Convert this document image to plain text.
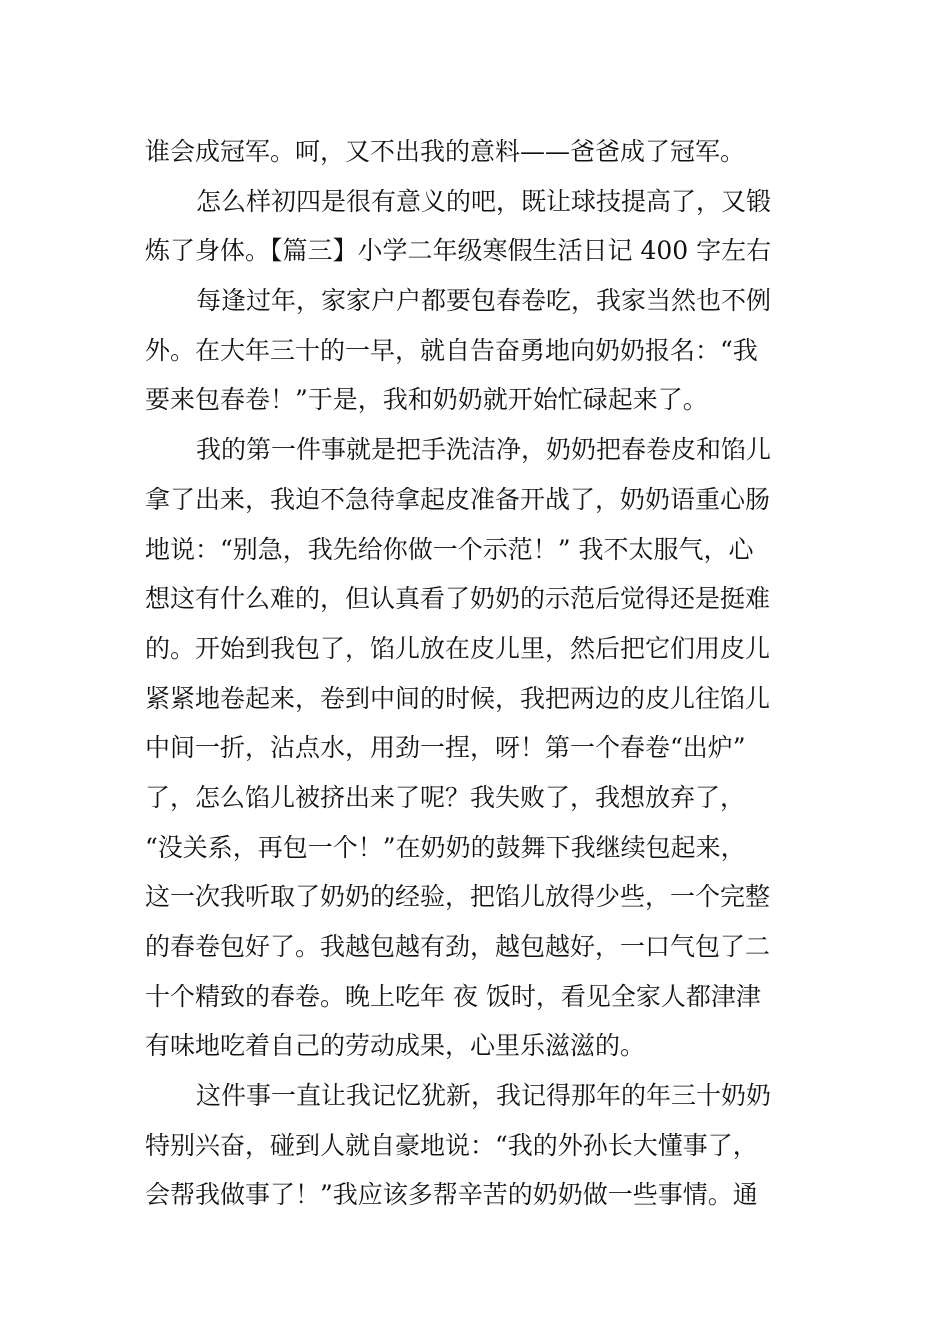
谁会成冠军。呵，又不出我的意料——爸爸成了冠军。
怎么样初四是很有意义的吧，既让球技提高了，又锻
炼了身体。【篇三】小学二年级寒假生活日记 400 字左右
每逢过年，家家户户都要包春卷吃，我家当然也不例
外。在大年三十的一早，就自告奋勇地向奶奶报名：“我
要来包春卷！”于是，我和奶奶就开始忙碌起来了。
我的第一件事就是把手洗洁净，奶奶把春卷皮和馅儿
拿了出来，我迫不急待拿起皮准备开战了，奶奶语重心肠
地说：“别急，我先给你做一个示范！” 我不太服气，心
想这有什么难的，但认真看了奶奶的示范后觉得还是挺难
的。开始到我包了，馅儿放在皮儿里，然后把它们用皮儿
紧紧地卷起来，卷到中间的时候，我把两边的皮儿往馅儿
中间一折，沾点水，用劲一捏，呀！第一个春卷“出炉”
了，怎么馅儿被挤出来了呢？我失败了，我想放弃了，
“没关系，再包一个！”在奶奶的鼓舞下我继续包起来，
这一次我听取了奶奶的经验，把馅儿放得少些，一个完整
的春卷包好了。我越包越有劲，越包越好，一口气包了二
十个精致的春卷。晚上吃年 夜 饭时，看见全家人都津津
有味地吃着自己的劳动成果，心里乐滋滋的。
这件事一直让我记忆犹新，我记得那年的年三十奶奶
特别兴奋，碰到人就自豪地说：“我的外孙长大懂事了，
会帮我做事了！”我应该多帮辛苦的奶奶做一些事情。通
